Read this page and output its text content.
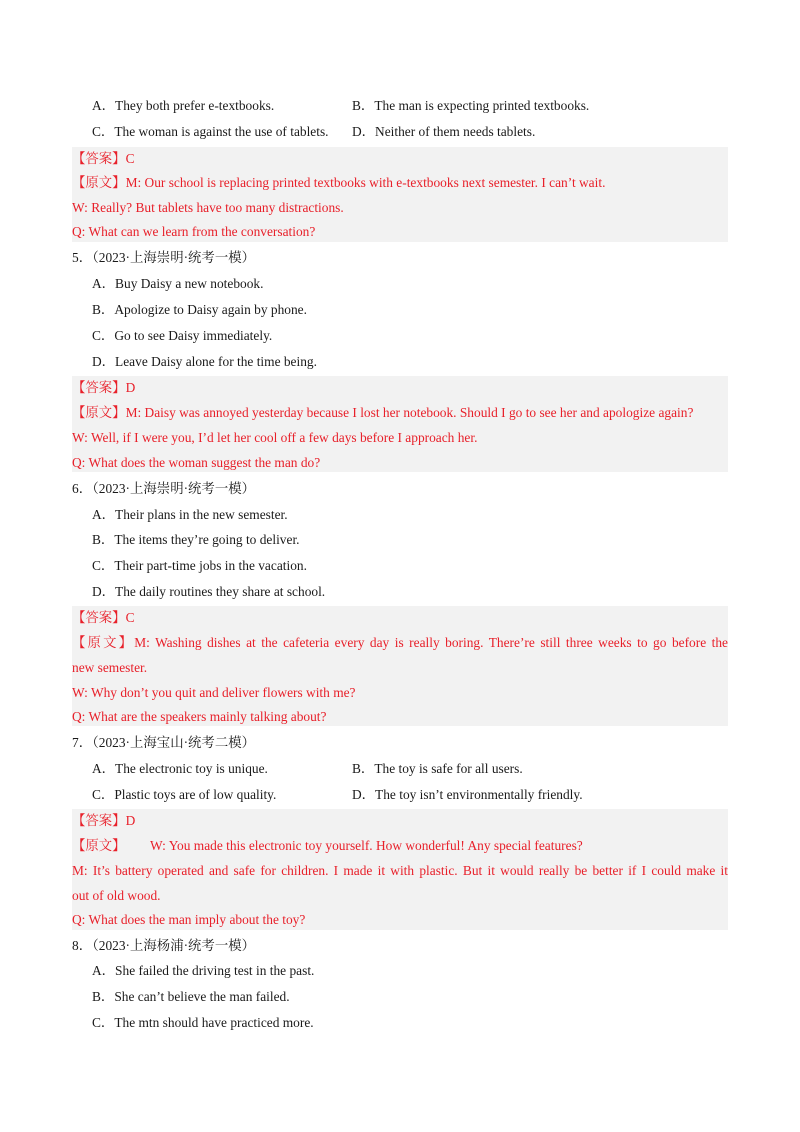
A．They both prefer e-textbooks.	B．The man is expecting printed textbooks.
C．The woman is against the use of tablets. D．Neither of them needs tablets.
【答案】C
【原文】M: Our school is replacing printed textbooks with e-textbooks next semester. I can’t wait.
W: Really? But tablets have too many distractions.
Q: What can we learn from the conversation?
5．（2023·上海崇明·统考一模）
A．Buy Daisy a new notebook.
B．Apologize to Daisy again by phone.
C．Go to see Daisy immediately.
D．Leave Daisy alone for the time being.
【答案】D
【原文】M: Daisy was annoyed yesterday because I lost her notebook. Should I go to see her and apologize again?
W: Well, if I were you, I’d let her cool off a few days before I approach her.
Q: What does the woman suggest the man do?
6．（2023·上海崇明·统考一模）
A．Their plans in the new semester.
B．The items they’re going to deliver.
C．Their part-time jobs in the vacation.
D．The daily routines they share at school.
【答案】C
【原文】M: Washing dishes at the cafeteria every day is really boring. There’re still three weeks to go before the
new semester.
W: Why don’t you quit and deliver flowers with me?
Q: What are the speakers mainly talking about?
7．（2023·上海宝山·统考二模）
A．The electronic toy is unique.	B．The toy is safe for all users.
C．Plastic toys are of low quality.	D．The toy isn’t environmentally friendly.
【答案】D
W: You made this electronic toy yourself. How wonderful! Any special features?
【原文】
M: It’s battery operated and safe for children. I made it with plastic. But it would really be better if I could make it
out of old wood.
Q: What does the man imply about the toy?
8．（2023·上海杨浦·统考一模）
A．She failed the driving test in the past.
B．She can’t believe the man failed.
C．The mtn should have practiced more.
